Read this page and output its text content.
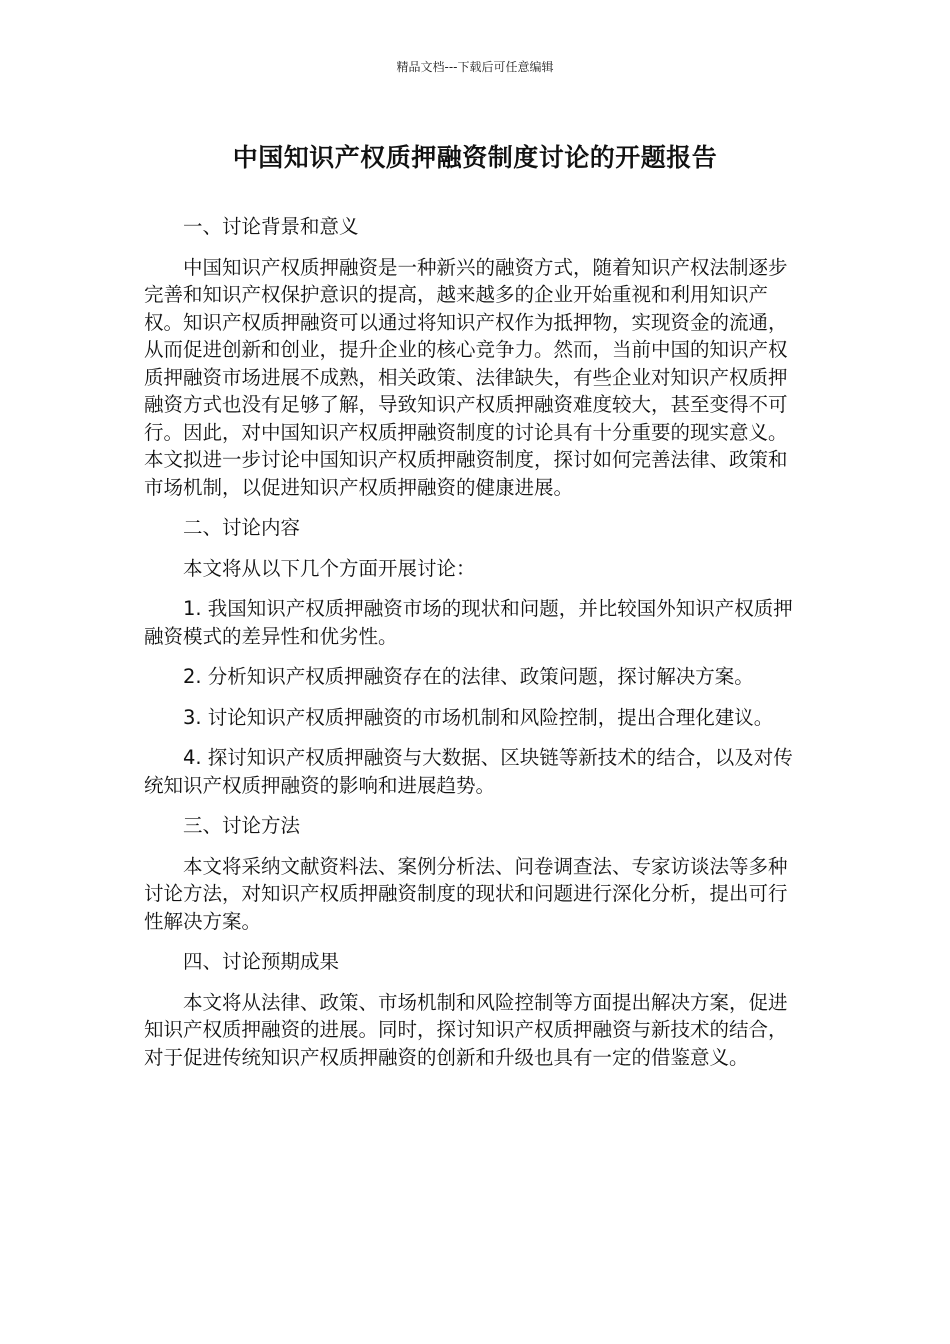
精品文档---下载后可任意编辑
中国知识产权质押融资制度讨论的开题报告

一、讨论背景和意义

中国知识产权质押融资是一种新兴的融资方式，随着知识产权法制逐步完善和知识产权保护意识的提高，越来越多的企业开始重视和利用知识产权。知识产权质押融资可以通过将知识产权作为抵押物，实现资金的流通，从而促进创新和创业，提升企业的核心竞争力。然而，当前中国的知识产权质押融资市场进展不成熟，相关政策、法律缺失，有些企业对知识产权质押融资方式也没有足够了解，导致知识产权质押融资难度较大，甚至变得不可行。因此，对中国知识产权质押融资制度的讨论具有十分重要的现实意义。本文拟进一步讨论中国知识产权质押融资制度，探讨如何完善法律、政策和市场机制，以促进知识产权质押融资的健康进展。

二、讨论内容

本文将从以下几个方面开展讨论：

1. 我国知识产权质押融资市场的现状和问题，并比较国外知识产权质押融资模式的差异性和优劣性。

2. 分析知识产权质押融资存在的法律、政策问题，探讨解决方案。

3. 讨论知识产权质押融资的市场机制和风险控制，提出合理化建议。

4. 探讨知识产权质押融资与大数据、区块链等新技术的结合，以及对传统知识产权质押融资的影响和进展趋势。

三、讨论方法

本文将采纳文献资料法、案例分析法、问卷调查法、专家访谈法等多种讨论方法，对知识产权质押融资制度的现状和问题进行深化分析，提出可行性解决方案。

四、讨论预期成果

本文将从法律、政策、市场机制和风险控制等方面提出解决方案，促进知识产权质押融资的进展。同时，探讨知识产权质押融资与新技术的结合，对于促进传统知识产权质押融资的创新和升级也具有一定的借鉴意义。
